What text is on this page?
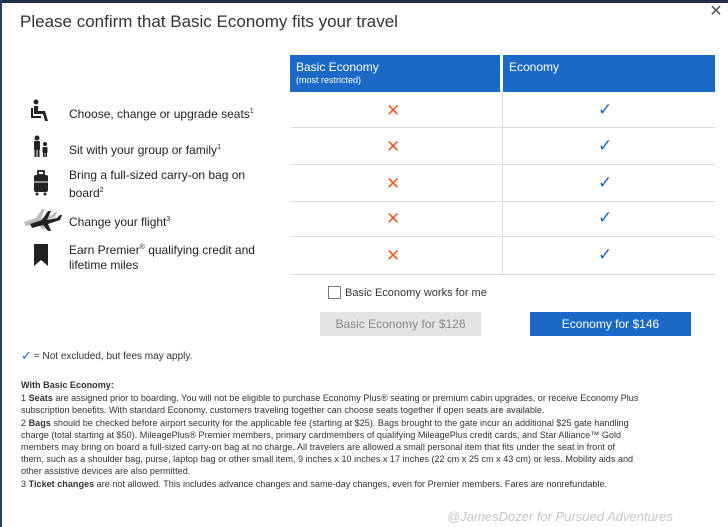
Please confirm that Basic Economy fits your travel
✕
Basic Economy
(most restricted)
Economy
Choose, change or upgrade seats$^1$	✕	✓
Sit with your group or family$^1$	✕	✓
Bring a full-sized carry-on bag on
board$^2$	✕	✓
Change your flight$^3$	✕	✓
Earn Premier® qualifying credit and
lifetime miles	✕	✓
Basic Economy works for me
Basic Economy for $126	Economy for $146
✓ = Not excluded, but fees may apply.

With Basic Economy:

1 Seats are assigned prior to boarding. You will not be eligible to purchase Economy Plus® seating or premium cabin upgrades, or receive Economy Plus

subscription benefits. With standard Economy, customers traveling together can choose seats together if open seats are available.

2 Bags should be checked before airport security for the applicable fee (starting at $25). Bags brought to the gate incur an additional $25 gate handling

charge (total starting at $50). MileagePlus® Premier members, primary cardmembers of qualifying MileagePlus credit cards, and Star Alliance™ Gold

members may bring on board a full-sized carry-on bag at no charge. All travelers are allowed a small personal item that fits under the seat in front of

them, such as a shoulder bag, purse, laptop bag or other small item, 9 inches x 10 inches x 17 inches (22 cm x 25 cm x 43 cm) or less. Mobility aids and

other assistive devices are also permitted.

3 Ticket changes are not allowed. This includes advance changes and same-day changes, even for Premier members. Fares are nonrefundable.

@JamesDozer for Pursued Adventures
